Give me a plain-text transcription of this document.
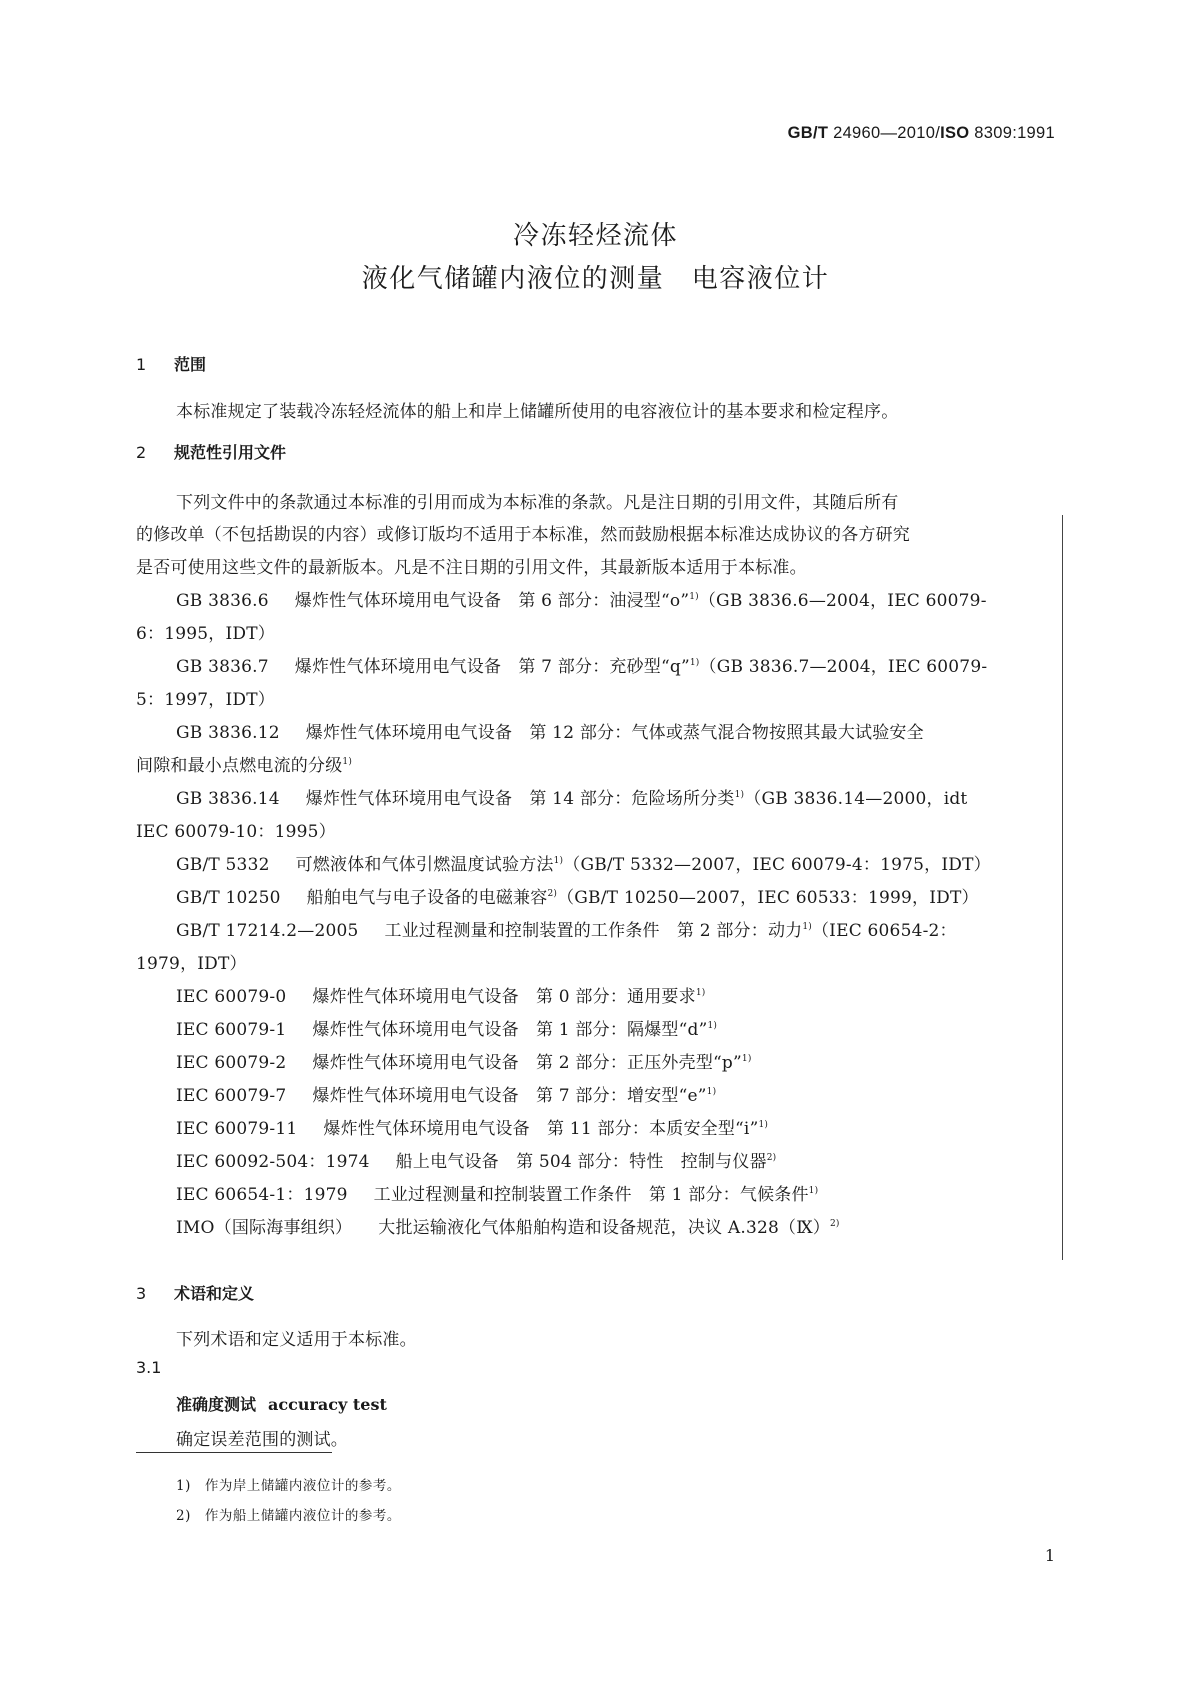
GB/T 24960—2010/ISO 8309:1991
冷冻轻烃流体
液化气储罐内液位的测量　电容液位计
1 范围
本标准规定了装载冷冻轻烃流体的船上和岸上储罐所使用的电容液位计的基本要求和检定程序。
2 规范性引用文件
下列文件中的条款通过本标准的引用而成为本标准的条款。凡是注日期的引用文件，其随后所有
的修改单（不包括勘误的内容）或修订版均不适用于本标准，然而鼓励根据本标准达成协议的各方研究
是否可使用这些文件的最新版本。凡是不注日期的引用文件，其最新版本适用于本标准。
GB 3836.6 爆炸性气体环境用电气设备　第 6 部分：油浸型“o”$^{1)}$（GB 3836.6—2004，IEC 60079-
6：1995，IDT）
GB 3836.7 爆炸性气体环境用电气设备　第 7 部分：充砂型“q”$^{1)}$（GB 3836.7—2004，IEC 60079-
5：1997，IDT）
GB 3836.12 爆炸性气体环境用电气设备　第 12 部分：气体或蒸气混合物按照其最大试验安全
间隙和最小点燃电流的分级$^{1)}$
GB 3836.14 爆炸性气体环境用电气设备　第 14 部分：危险场所分类$^{1)}$（GB 3836.14—2000，idt
IEC 60079-10：1995）
GB/T 5332 可燃液体和气体引燃温度试验方法$^{1)}$（GB/T 5332—2007，IEC 60079-4：1975，IDT）
GB/T 10250 船舶电气与电子设备的电磁兼容$^{2)}$（GB/T 10250—2007，IEC 60533：1999，IDT）
GB/T 17214.2—2005 工业过程测量和控制装置的工作条件　第 2 部分：动力$^{1)}$（IEC 60654-2：
1979，IDT）
IEC 60079-0 爆炸性气体环境用电气设备　第 0 部分：通用要求$^{1)}$
IEC 60079-1 爆炸性气体环境用电气设备　第 1 部分：隔爆型“d”$^{1)}$
IEC 60079-2 爆炸性气体环境用电气设备　第 2 部分：正压外壳型“p”$^{1)}$
IEC 60079-7 爆炸性气体环境用电气设备　第 7 部分：增安型“e”$^{1)}$
IEC 60079-11 爆炸性气体环境用电气设备　第 11 部分：本质安全型“i”$^{1)}$
IEC 60092-504：1974 船上电气设备　第 504 部分：特性　控制与仪器$^{2)}$
IEC 60654-1：1979 工业过程测量和控制装置工作条件　第 1 部分：气候条件$^{1)}$
IMO（国际海事组织） 大批运输液化气体船舶构造和设备规范，决议 A.328（Ⅸ）$^{2)}$
3 术语和定义
下列术语和定义适用于本标准。
3.1
准确度测试 accuracy test
确定误差范围的测试。
1) 作为岸上储罐内液位计的参考。
2) 作为船上储罐内液位计的参考。
1
